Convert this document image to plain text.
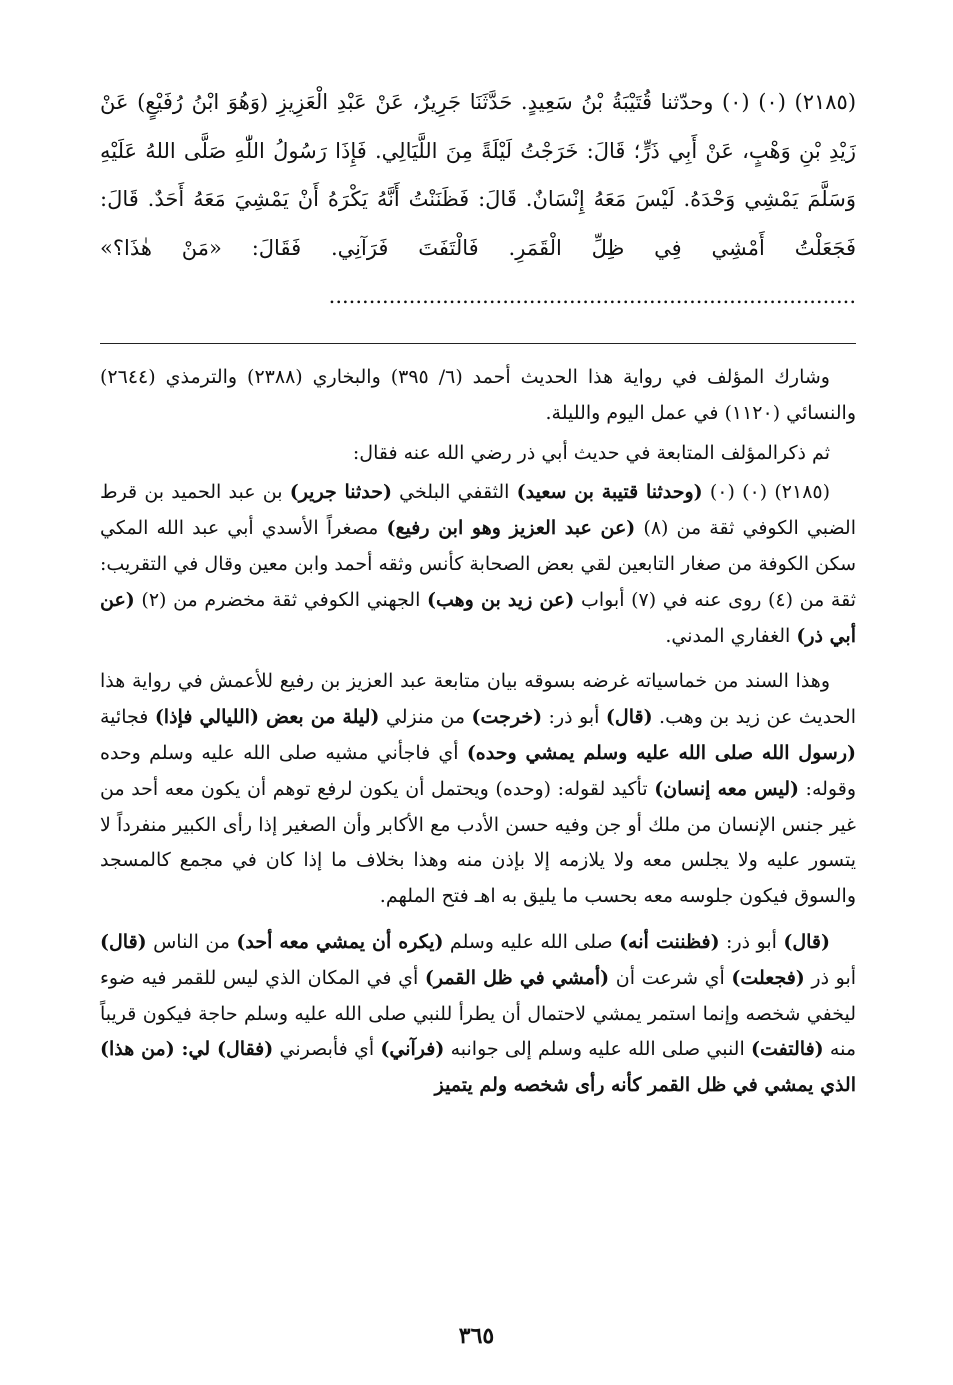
(٢١٨٥) (٠) (٠) وحدّثنا قُتَيْبَةُ بْنُ سَعِيدٍ. حَدَّثَنَا جَرِيرٌ، عَنْ عَبْدِ الْعَزِيزِ (وَهُوَ ابْنُ رُفَيْعٍ) عَنْ زَيْدِ بْنِ وَهْبٍ، عَنْ أَبِي ذَرٍّ؛ قَالَ: خَرَجْتُ لَيْلَةً مِنَ اللَّيَالِي. فَإِذَا رَسُولُ اللّٰهِ صَلَّى اللهُ عَلَيْهِ وَسَلَّمَ يَمْشِي وَحْدَهُ. لَيْسَ مَعَهُ إِنْسَانٌ. قَالَ: فَظَنَنْتُ أَنَّهُ يَكْرَهُ أَنْ يَمْشِيَ مَعَهُ أَحَدٌ. قَالَ: فَجَعَلْتُ أَمْشِي فِي ظِلِّ الْقَمَرِ. فَالْتَفَتَ فَرَآنِي. فَقَالَ: «مَنْ هٰذَا؟» ...............................................................................

وشارك المؤلف في رواية هذا الحديث أحمد (٦/ ٣٩٥) والبخاري (٢٣٨٨) والترمذي (٢٦٤٤) والنسائي (١١٢٠) في عمل اليوم والليلة.

ثم ذكرالمؤلف المتابعة في حديث أبي ذر رضي الله عنه فقال:

(٢١٨٥) (٠) (٠) (وحدثنا قتيبة بن سعيد) الثقفي البلخي (حدثنا جرير) بن عبد الحميد بن قرط الضبي الكوفي ثقة من (٨) (عن عبد العزيز وهو ابن رفيع) مصغراً الأسدي أبي عبد الله المكي سكن الكوفة من صغار التابعين لقي بعض الصحابة كأنس وثقه أحمد وابن معين وقال في التقريب: ثقة من (٤) روى عنه في (٧) أبواب (عن زيد بن وهب) الجهني الكوفي ثقة مخضرم من (٢) (عن أبي ذر) الغفاري المدني.

وهذا السند من خماسياته غرضه بسوقه بيان متابعة عبد العزيز بن رفيع للأعمش في رواية هذا الحديث عن زيد بن وهب. (قال) أبو ذر: (خرجت) من منزلي (ليلة من بعض (الليالي فإذا) فجائية (رسول الله صلى الله عليه وسلم يمشي وحده) أي فاجأني مشيه صلى الله عليه وسلم وحده وقوله: (ليس معه إنسان) تأكيد لقوله: (وحده) ويحتمل أن يكون لرفع توهم أن يكون معه أحد من غير جنس الإنسان من ملك أو جن وفيه حسن الأدب مع الأكابر وأن الصغير إذا رأى الكبير منفرداً لا يتسور عليه ولا يجلس معه ولا يلازمه إلا بإذن منه وهذا بخلاف ما إذا كان في مجمع كالمسجد والسوق فيكون جلوسه معه بحسب ما يليق به اهـ فتح الملهم.

(قال) أبو ذر: (فظننت أنه) صلى الله عليه وسلم (يكره أن يمشي معه أحد) من الناس (قال) أبو ذر (فجعلت) أي شرعت أن (أمشي في ظل القمر) أي في المكان الذي ليس للقمر فيه ضوء ليخفي شخصه وإنما استمر يمشي لاحتمال أن يطرأ للنبي صلى الله عليه وسلم حاجة فيكون قريباً منه (فالتفت) النبي صلى الله عليه وسلم إلى جوانبه (فرآني) أي فأبصرني (فقال) لي: (من هذا) الذي يمشي في ظل القمر كأنه رأى شخصه ولم يتميز

٣٦٥
